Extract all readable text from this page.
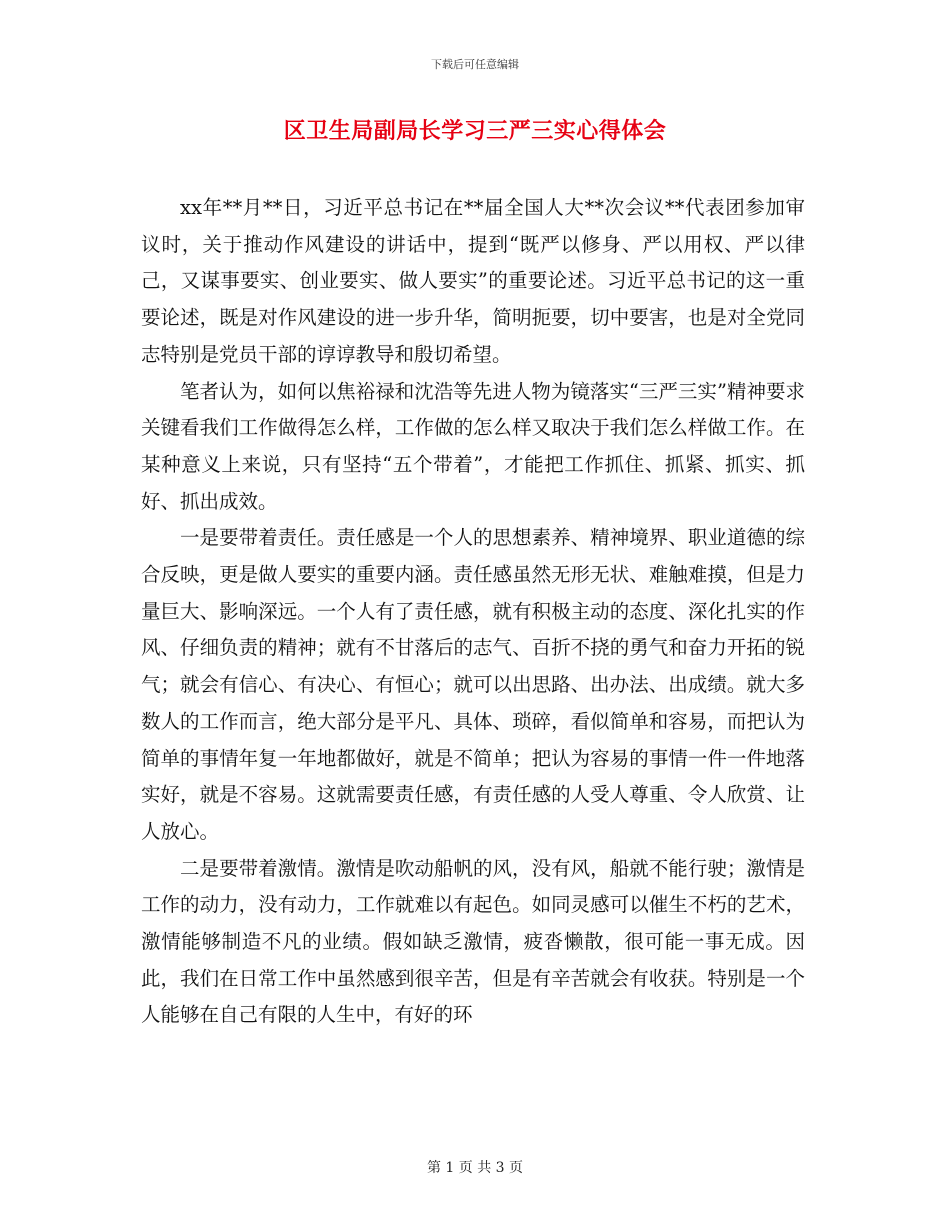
下载后可任意编辑
区卫生局副局长学习三严三实心得体会

xx年**月**日，习近平总书记在**届全国人大**次会议**代表团参加审议时，关于推动作风建设的讲话中，提到“既严以修身、严以用权、严以律己，又谋事要实、创业要实、做人要实”的重要论述。习近平总书记的这一重要论述，既是对作风建设的进一步升华，简明扼要，切中要害，也是对全党同志特别是党员干部的谆谆教导和殷切希望。

笔者认为，如何以焦裕禄和沈浩等先进人物为镜落实“三严三实”精神要求关键看我们工作做得怎么样，工作做的怎么样又取决于我们怎么样做工作。在某种意义上来说，只有坚持“五个带着”，才能把工作抓住、抓紧、抓实、抓好、抓出成效。

一是要带着责任。责任感是一个人的思想素养、精神境界、职业道德的综合反映，更是做人要实的重要内涵。责任感虽然无形无状、难触难摸，但是力量巨大、影响深远。一个人有了责任感，就有积极主动的态度、深化扎实的作风、仔细负责的精神；就有不甘落后的志气、百折不挠的勇气和奋力开拓的锐气；就会有信心、有决心、有恒心；就可以出思路、出办法、出成绩。就大多数人的工作而言，绝大部分是平凡、具体、琐碎，看似简单和容易，而把认为简单的事情年复一年地都做好，就是不简单；把认为容易的事情一件一件地落实好，就是不容易。这就需要责任感，有责任感的人受人尊重、令人欣赏、让人放心。

二是要带着激情。激情是吹动船帆的风，没有风，船就不能行驶；激情是工作的动力，没有动力，工作就难以有起色。如同灵感可以催生不朽的艺术，激情能够制造不凡的业绩。假如缺乏激情，疲沓懒散，很可能一事无成。因此，我们在日常工作中虽然感到很辛苦，但是有辛苦就会有收获。特别是一个人能够在自己有限的人生中，有好的环

第 1 页 共 3 页
